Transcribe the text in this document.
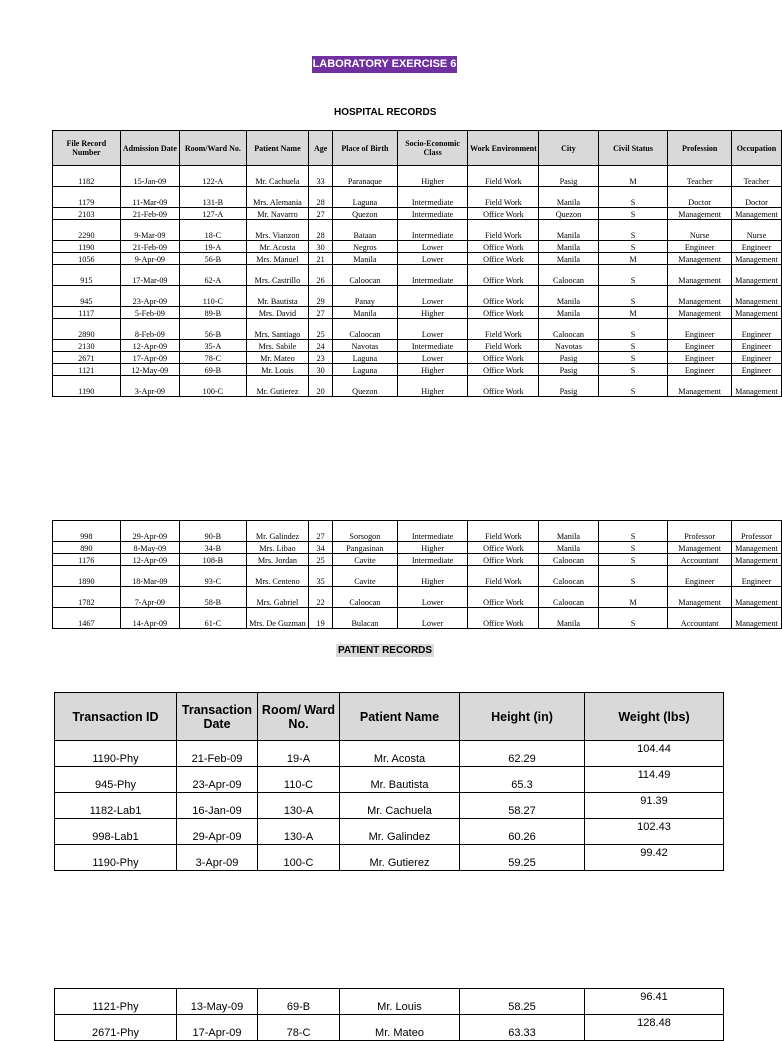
LABORATORY EXERCISE 6
HOSPITAL RECORDS
PATIENT RECORDS
File Record Number	Admission Date	Room/Ward No.	Patient Name	Age	Place of Birth	Socio-Economic Class	Work Environment	City	Civil Status	Profession	Occupation
1182	15-Jan-09	122-A	Mr. Cachuela	33	Paranaque	Higher	Field Work	Pasig	M	Teacher	Teacher
1179	11-Mar-09	131-B	Mrs. Alemania	28	Laguna	Intermediate	Field Work	Manila	S	Doctor	Doctor
2103	21-Feb-09	127-A	Mr. Navarro	27	Quezon	Intermediate	Office Work	Quezon	S	Management	Management
2290	9-Mar-09	18-C	Mrs. Vianzon	28	Bataan	Intermediate	Field Work	Manila	S	Nurse	Nurse
1190	21-Feb-09	19-A	Mr. Acosta	30	Negros	Lower	Office Work	Manila	S	Engineer	Engineer
1056	9-Apr-09	56-B	Mrs. Manuel	21	Manila	Lower	Office Work	Manila	M	Management	Management
915	17-Mar-09	62-A	Mrs. Castrillo	26	Caloocan	Intermediate	Office Work	Caloocan	S	Management	Management
945	23-Apr-09	110-C	Mr. Bautista	29	Panay	Lower	Office Work	Manila	S	Management	Management
1117	5-Feb-09	89-B	Mrs. David	27	Manila	Higher	Office Work	Manila	M	Management	Management
2890	8-Feb-09	56-B	Mrs. Santiago	25	Caloocan	Lower	Field Work	Caloocan	S	Engineer	Engineer
2130	12-Apr-09	35-A	Mrs. Sabile	24	Navotas	Intermediate	Field Work	Navotas	S	Engineer	Engineer
2671	17-Apr-09	78-C	Mr. Mateo	23	Laguna	Lower	Office Work	Pasig	S	Engineer	Engineer
1121	12-May-09	69-B	Mr. Louis	30	Laguna	Higher	Office Work	Pasig	S	Engineer	Engineer
1190	3-Apr-09	100-C	Mr. Gutierez	20	Quezon	Higher	Office Work	Pasig	S	Management	Management
998	29-Apr-09	90-B	Mr. Galindez	27	Sorsogon	Intermediate	Field Work	Manila	S	Professor	Professor
890	8-May-09	34-B	Mrs. Libao	34	Pangasinan	Higher	Office Work	Manila	S	Management	Management
1176	12-Apr-09	108-B	Mrs. Jordan	25	Cavite	Intermediate	Office Work	Caloocan	S	Accountant	Management
1890	18-Mar-09	93-C	Mrs. Centeno	35	Cavite	Higher	Field Work	Caloocan	S	Engineer	Engineer
1782	7-Apr-09	58-B	Mrs. Gabriel	22	Caloocan	Lower	Office Work	Caloocan	M	Management	Management
1467	14-Apr-09	61-C	Mrs. De Guzman	19	Bulacan	Lower	Office Work	Manila	S	Accountant	Management
Transaction ID	Transaction Date	Room/ Ward No.	Patient Name	Height (in)	Weight (lbs)
1190-Phy	21-Feb-09	19-A	Mr. Acosta	62.29	104.44
945-Phy	23-Apr-09	110-C	Mr. Bautista	65.3	114.49
1182-Lab1	16-Jan-09	130-A	Mr. Cachuela	58.27	91.39
998-Lab1	29-Apr-09	130-A	Mr. Galindez	60.26	102.43
1190-Phy	3-Apr-09	100-C	Mr. Gutierez	59.25	99.42
1121-Phy	13-May-09	69-B	Mr. Louis	58.25	96.41
2671-Phy	17-Apr-09	78-C	Mr. Mateo	63.33	128.48
